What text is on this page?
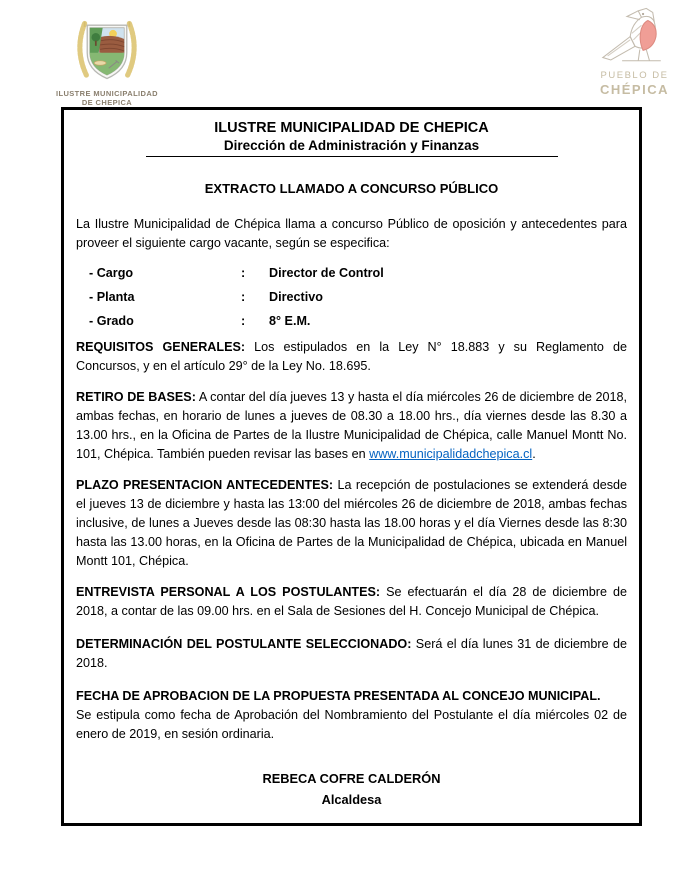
ILUSTRE MUNICIPALIDAD
DE CHEPICA
PUEBLO DE
CHÉPICA
ILUSTRE MUNICIPALIDAD DE CHEPICA
Dirección de Administración y Finanzas
EXTRACTO LLAMADO A CONCURSO PÚBLICO

La Ilustre Municipalidad de Chépica llama a concurso Público de oposición y antecedentes para proveer el siguiente cargo vacante, según se especifica:

- Cargo	:	Director de Control
- Planta	:	Directivo
- Grado	:	8° E.M.

REQUISITOS GENERALES: Los estipulados en la Ley N° 18.883 y su Reglamento de Concursos, y en el artículo 29° de la Ley No. 18.695.

RETIRO DE BASES: A contar del día jueves 13 y hasta el día miércoles 26 de diciembre de 2018, ambas fechas, en horario de lunes a jueves de 08.30 a 18.00 hrs., día viernes desde las 8.30 a 13.00 hrs., en la Oficina de Partes de la Ilustre Municipalidad de Chépica, calle Manuel Montt No. 101, Chépica. También pueden revisar las bases en www.municipalidadchepica.cl.

PLAZO PRESENTACION ANTECEDENTES: La recepción de postulaciones se extenderá desde el jueves 13 de diciembre y hasta las 13:00 del miércoles 26 de diciembre de 2018, ambas fechas inclusive, de lunes a Jueves desde las 08:30 hasta las 18.00 horas y el día Viernes desde las 8:30 hasta las 13.00 horas, en la Oficina de Partes de la Municipalidad de Chépica, ubicada en Manuel Montt 101, Chépica.

ENTREVISTA PERSONAL A LOS POSTULANTES: Se efectuarán el día 28 de diciembre de 2018, a contar de las 09.00 hrs. en el Sala de Sesiones del H. Concejo Municipal de Chépica.

DETERMINACIÓN DEL POSTULANTE SELECCIONADO: Será el día lunes 31 de diciembre de 2018.

FECHA DE APROBACION DE LA PROPUESTA PRESENTADA AL CONCEJO MUNICIPAL.
Se estipula como fecha de Aprobación del Nombramiento del Postulante el día miércoles 02 de enero de 2019, en sesión ordinaria.

REBECA COFRE CALDERÓN
Alcaldesa
